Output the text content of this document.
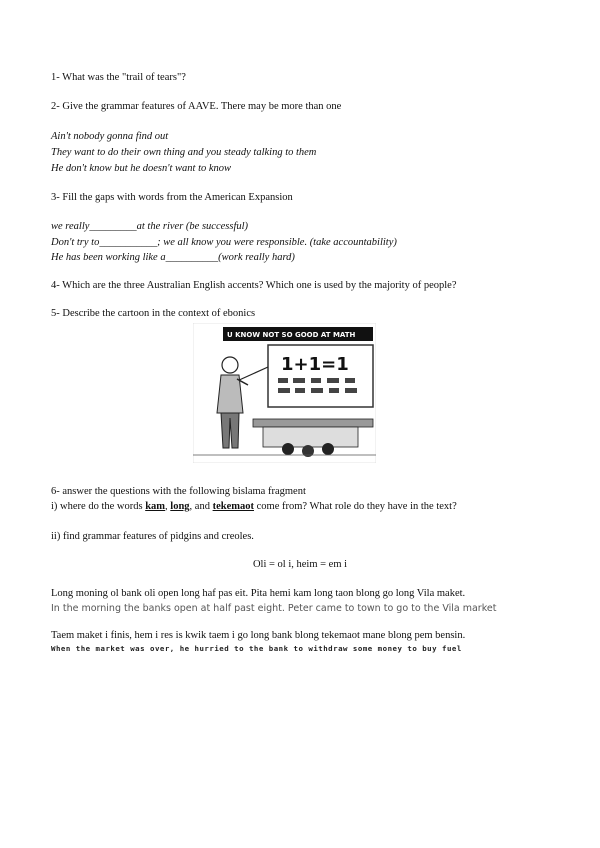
1- What was the "trail of tears"?
2- Give the grammar features of AAVE. There may be more than one
Ain't nobody gonna find out
They want to do their own thing and you steady talking to them
He don't know but he doesn't want to know
3- Fill the gaps with words from the American Expansion
we really_________at the river (be successful)
Don't try to___________; we all know you were responsible. (take accountability)
He has been working like a__________(work really hard)
4- Which are the three Australian English accents? Which one is used by the majority of people?
5- Describe the cartoon in the context of ebonics
U KNOW NOT SO GOOD AT MATH
1+1=1
6- answer the questions with the following bislama fragment
i) where do the words kam, long, and tekemaot come from? What role do they have in the text?
ii) find grammar features of pidgins and creoles.
Oli = ol i, heim = em i
Long moning ol bank oli open long haf pas eit. Pita hemi kam long taon blong go long Vila maket.
In the morning the banks open at half past eight. Peter came to town to go to the Vila market
Taem maket i finis, hem i res is kwik taem i go long bank blong tekemaot mane blong pem bensin.
When the market was over, he hurried to the bank to withdraw some money to buy fuel
